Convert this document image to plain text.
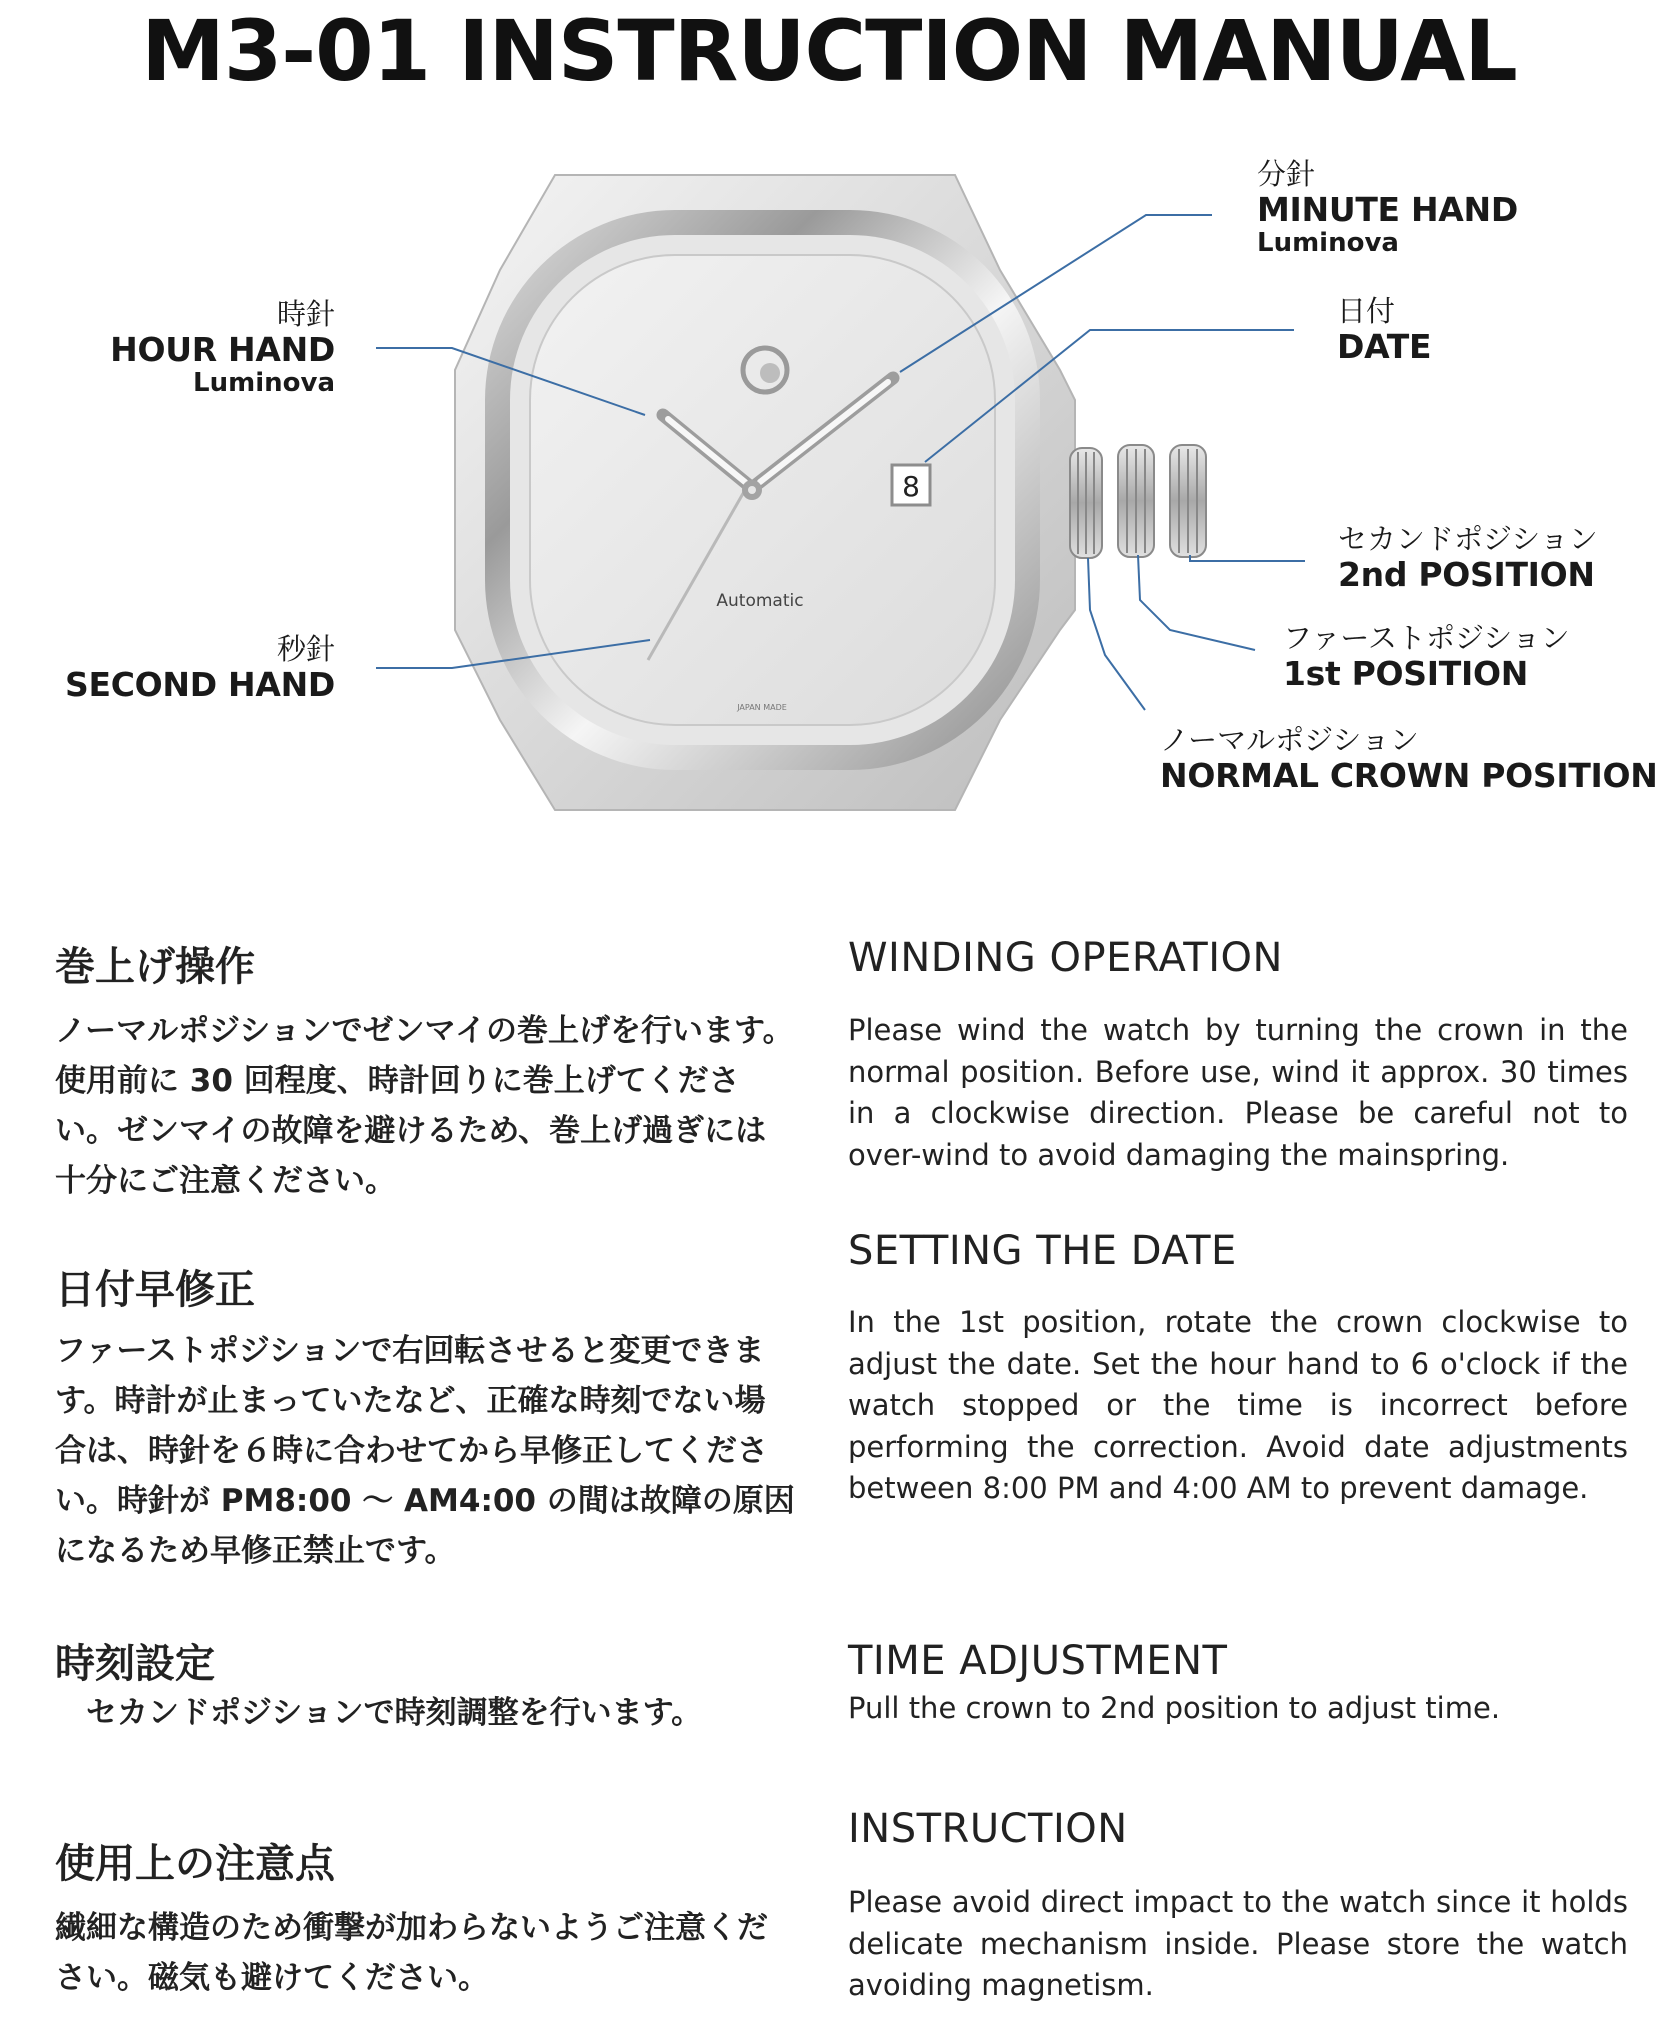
M3-01 INSTRUCTION MANUAL
8
Automatic
JAPAN MADE
分針
MINUTE HAND
Luminova
日付
DATE
時針
HOUR HAND
Luminova
秒針
SECOND HAND
セカンドポジション
2nd POSITION
ファーストポジション
1st POSITION
ノーマルポジション
NORMAL CROWN POSITION
巻上げ操作
ノーマルポジションでゼンマイの巻上げを行います。使用前に 30 回程度、時計回りに巻上げてください。ゼンマイの故障を避けるため、巻上げ過ぎには十分にご注意ください。
日付早修正
ファーストポジションで右回転させると変更できます。時計が止まっていたなど、正確な時刻でない場合は、時針を６時に合わせてから早修正してください。時針が PM8:00 〜 AM4:00 の間は故障の原因になるため早修正禁止です。
時刻設定
　セカンドポジションで時刻調整を行います。
使用上の注意点
繊細な構造のため衝撃が加わらないようご注意ください。磁気も避けてください。
WINDING OPERATION
Please wind the watch by turning the crown in the normal position. Before use, wind it approx. 30 times in a clockwise direction. Please be careful not to over-wind to avoid damaging the mainspring.
SETTING THE DATE
In the 1st position, rotate the crown clockwise to adjust the date. Set the hour hand to 6 o'clock if the watch stopped or the time is incorrect before performing the correction. Avoid date adjustments between 8:00 PM and 4:00 AM to prevent damage.
TIME ADJUSTMENT
Pull the crown to 2nd position to adjust time.
INSTRUCTION
Please avoid direct impact to the watch since it holds delicate mechanism inside. Please store the watch avoiding magnetism.
